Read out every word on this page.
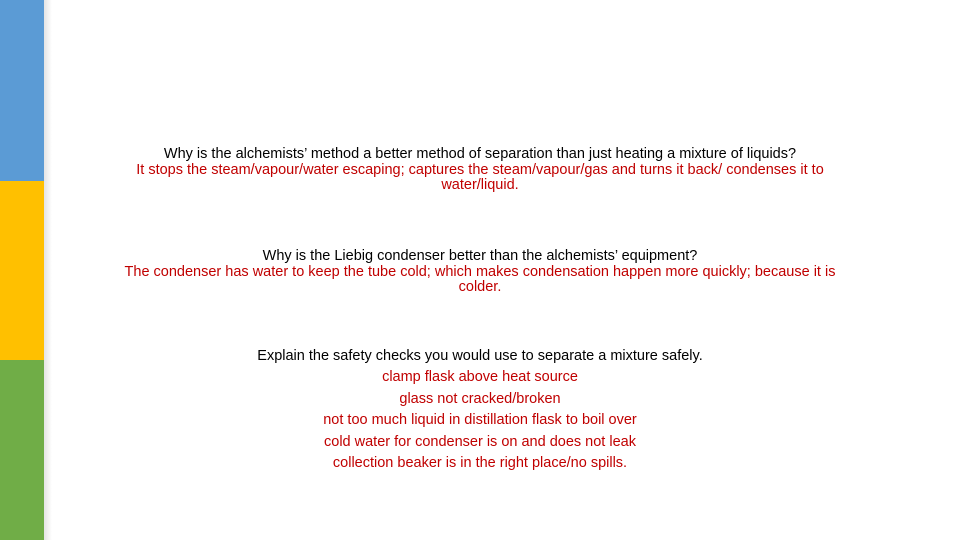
Why is the alchemists’ method a better method of separation than just heating a mixture of liquids?
It stops the steam/vapour/water escaping; captures the steam/vapour/gas and turns it back/ condenses it to
water/liquid.
Why is the Liebig condenser better than the alchemists’ equipment?
The condenser has water to keep the tube cold; which makes condensation happen more quickly; because it is
colder.
Explain the safety checks you would use to separate a mixture safely.
clamp flask above heat source
glass not cracked/broken
not too much liquid in distillation flask to boil over
cold water for condenser is on and does not leak
collection beaker is in the right place/no spills.
